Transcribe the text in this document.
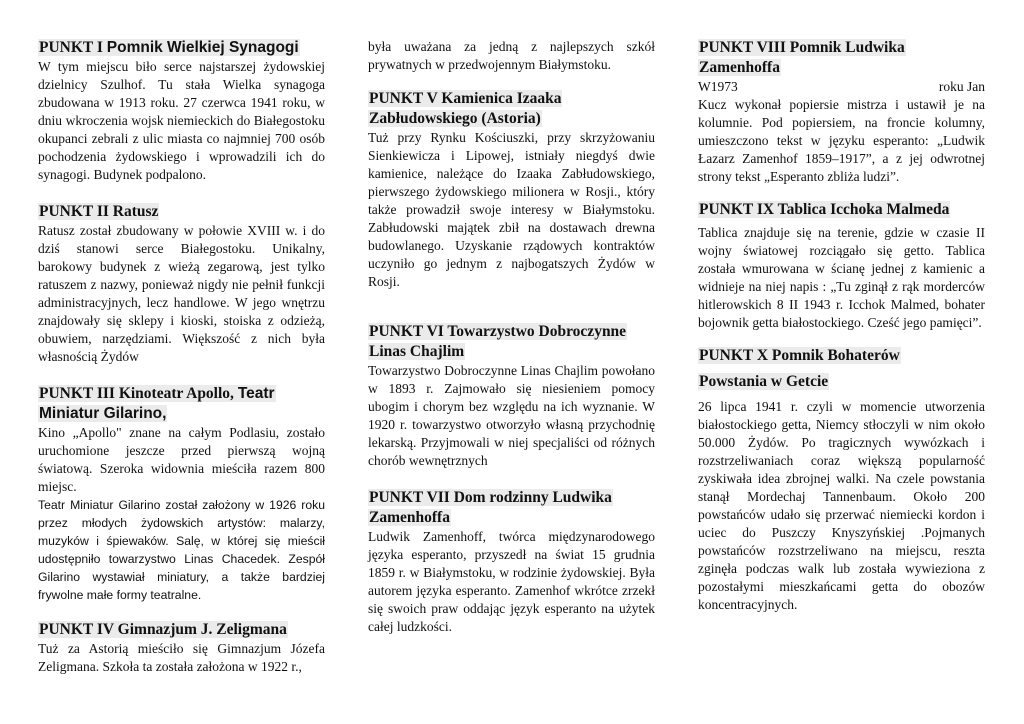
PUNKT I Pomnik Wielkiej Synagogi

W tym miejscu biło serce najstarszej żydowskiej dzielnicy Szulhof. Tu stała Wielka synagoga zbudowana w 1913 roku. 27 czerwca 1941 roku, w dniu wkroczenia wojsk niemieckich do Białegostoku okupanci zebrali z ulic miasta co najmniej 700 osób pochodzenia żydowskiego i wprowadzili ich do synagogi. Budynek podpalono.

PUNKT II Ratusz

Ratusz został zbudowany w połowie XVIII w. i do dziś stanowi serce Białegostoku. Unikalny, barokowy budynek z wieżą zegarową, jest tylko ratuszem z nazwy, ponieważ nigdy nie pełnił funkcji administracyjnych, lecz handlowe. W jego wnętrzu znajdowały się sklepy i kioski, stoiska z odzieżą, obuwiem, narzędziami. Większość z nich była własnością Żydów

PUNKT III Kinoteatr Apollo, Teatr Miniatur Gilarino,

Kino „Apollo" znane na całym Podlasiu, zostało uruchomione jeszcze przed pierwszą wojną światową. Szeroka widownia mieściła razem 800 miejsc.

Teatr Miniatur Gilarino został założony w 1926 roku przez młodych żydowskich artystów: malarzy, muzyków i śpiewaków. Salę, w której się mieścił udostępniło towarzystwo Linas Chacedek. Zespół Gilarino wystawiał miniatury, a także bardziej frywolne małe formy teatralne.

PUNKT IV Gimnazjum J. Zeligmana

Tuż za Astorią mieściło się Gimnazjum Józefa Zeligmana. Szkoła ta została założona w 1922 r.,

była uważana za jedną z najlepszych szkół prywatnych w przedwojennym Białymstoku.

PUNKT V Kamienica Izaaka Zabłudowskiego (Astoria)

Tuż przy Rynku Kościuszki, przy skrzyżowaniu Sienkiewicza i Lipowej, istniały niegdyś dwie kamienice, należące do Izaaka Zabłudowskiego, pierwszego żydowskiego milionera w Rosji., który także prowadził swoje interesy w Białymstoku. Zabłudowski majątek zbił na dostawach drewna budowlanego. Uzyskanie rządowych kontraktów uczyniło go jednym z najbogatszych Żydów w Rosji.

PUNKT VI Towarzystwo Dobroczynne Linas Chajlim

Towarzystwo Dobroczynne Linas Chajlim powołano w 1893 r. Zajmowało się niesieniem pomocy ubogim i chorym bez względu na ich wyznanie. W 1920 r. towarzystwo otworzyło własną przychodnię lekarską. Przyjmowali w niej specjaliści od różnych chorób wewnętrznych

PUNKT VII Dom rodzinny Ludwika Zamenhoffa

Ludwik Zamenhoff, twórca międzynarodowego języka esperanto, przyszedł na świat 15 grudnia 1859 r. w Białymstoku, w rodzinie żydowskiej. Była autorem języka esperanto. Zamenhof wkrótce zrzekł się swoich praw oddając język esperanto na użytek całej ludzkości.

PUNKT VIII Pomnik Ludwika Zamenhoffa

W1973	roku Jan

Kucz wykonał popiersie mistrza i ustawił je na kolumnie. Pod popiersiem, na froncie kolumny, umieszczono tekst w języku esperanto: „Ludwik Łazarz Zamenhof 1859–1917”, a z jej odwrotnej strony tekst „Esperanto zbliża ludzi”.

PUNKT IX Tablica Icchoka Malmeda

Tablica znajduje się na terenie, gdzie w czasie II wojny światowej rozciągało się getto. Tablica została wmurowana w ścianę jednej z kamienic a widnieje na niej napis : „Tu zginął z rąk morderców hitlerowskich 8 II 1943 r. Icchok Malmed, bohater bojownik getta białostockiego. Cześć jego pamięci”.

PUNKT X Pomnik Bohaterów

Powstania w Getcie

26 lipca 1941 r. czyli w momencie utworzenia białostockiego getta, Niemcy stłoczyli w nim około 50.000 Żydów. Po tragicznych wywózkach i rozstrzeliwaniach coraz większą popularność zyskiwała idea zbrojnej walki. Na czele powstania stanął Mordechaj Tannenbaum. Około 200 powstańców udało się przerwać niemiecki kordon i uciec do Puszczy Knyszyńskiej .Pojmanych powstańców rozstrzeliwano na miejscu, reszta zginęła podczas walk lub została wywieziona z pozostałymi mieszkańcami getta do obozów koncentracyjnych.
